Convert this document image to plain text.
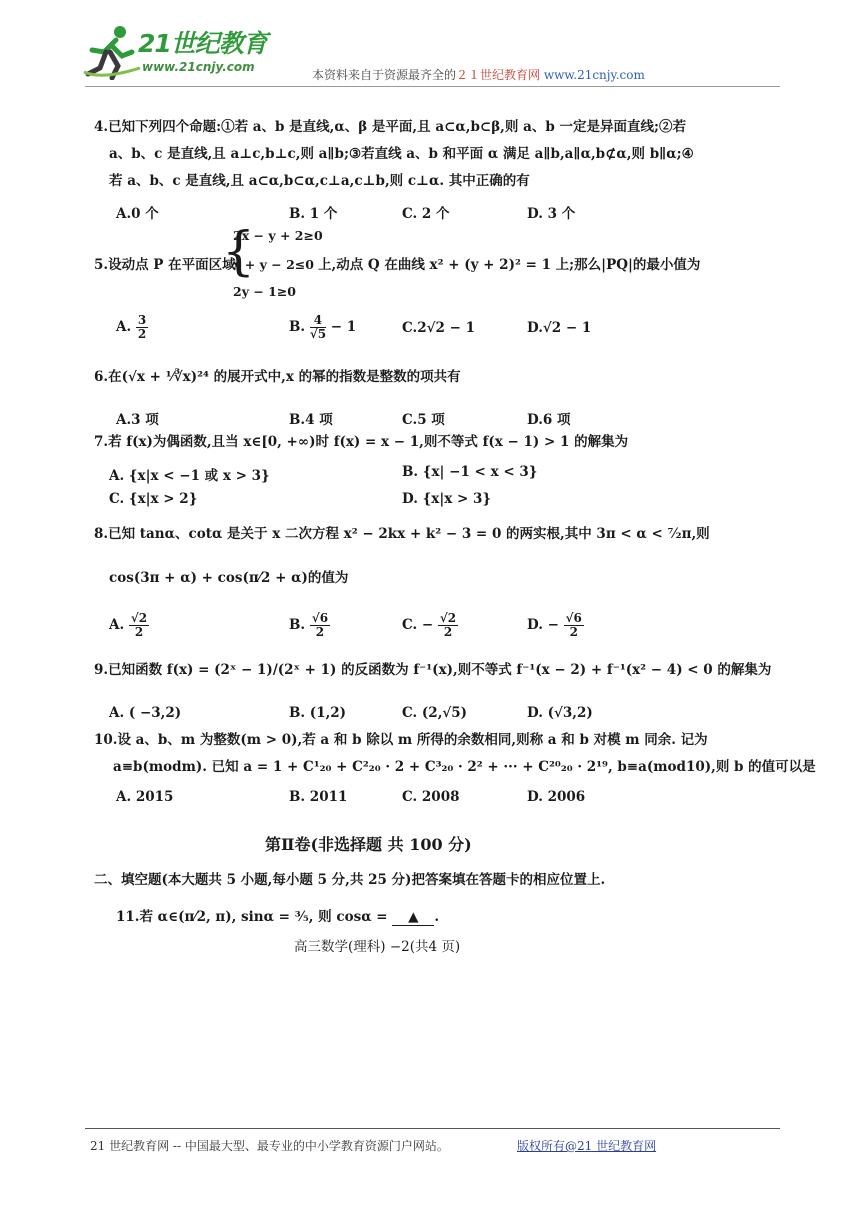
21世纪教育
www.21cnjy.com
本资料来自于资源最齐全的２１世纪教育网 www.21cnjy.com
4.已知下列四个命题:①若 a、b 是直线,α、β 是平面,且 a⊂α,b⊂β,则 a、b 一定是异面直线;②若
a、b、c 是直线,且 a⊥c,b⊥c,则 a∥b;③若直线 a、b 和平面 α 满足 a∥b,a∥α,b⊄α,则 b∥α;④
若 a、b、c 是直线,且 a⊂α,b⊂α,c⊥a,c⊥b,则 c⊥α. 其中正确的有
A.0 个	B. 1 个	C. 2 个	D. 3 个
5.设动点 P 在平面区域
{
2x − y + 2≥0
x + y − 2≤0
2y − 1≥0
上,动点 Q 在曲线 x² + (y + 2)² = 1 上;那么|PQ|的最小值为
A. $\frac{3}{2}$	B. $\frac{4}{√5} - 1$	C.2√2 − 1	D.√2 − 1
6.在(√x + ¹⁄∛x)²⁴ 的展开式中,x 的幂的指数是整数的项共有
A.3 项	B.4 项	C.5 项	D.6 项
7.若 f(x)为偶函数,且当 x∈[0, +∞)时 f(x) = x − 1,则不等式 f(x − 1) > 1 的解集为
A. {x|x < −1 或 x > 3}	B. {x| −1 < x < 3}
C. {x|x > 2}	D. {x|x > 3}
8.已知 tanα、cotα 是关于 x 二次方程 x² − 2kx + k² − 3 = 0 的两实根,其中 3π < α < ⁷⁄₂π,则
cos(3π + α) + cos(π⁄2 + α)的值为
A. $\frac{√2}{2}$	B. $\frac{√6}{2}$	C. − $\frac{√2}{2}$	D. − $\frac{√6}{2}$
9.已知函数 f(x) = (2ˣ − 1)/(2ˣ + 1) 的反函数为 f⁻¹(x),则不等式 f⁻¹(x − 2) + f⁻¹(x² − 4) < 0 的解集为
A. ( −3,2)	B. (1,2)	C. (2,√5)	D. (√3,2)
10.设 a、b、m 为整数(m > 0),若 a 和 b 除以 m 所得的余数相同,则称 a 和 b 对模 m 同余. 记为
a≡b(modm). 已知 a = 1 + C¹₂₀ + C²₂₀ · 2 + C³₂₀ · 2² + ··· + C²⁰₂₀ · 2¹⁹, b≡a(mod10),则 b 的值可以是
A. 2015	B. 2011	C. 2008	D. 2006
第Ⅱ卷(非选择题 共 100 分)
二、填空题(本大题共 5 小题,每小题 5 分,共 25 分)把答案填在答题卡的相应位置上.
11.若 α∈(π⁄2, π), sinα = ³⁄₅, 则 cosα = ▲ .
高三数学(理科) −2(共4 页)
21 世纪教育网 -- 中国最大型、最专业的中小学教育资源门户网站。	版权所有@21 世纪教育网
